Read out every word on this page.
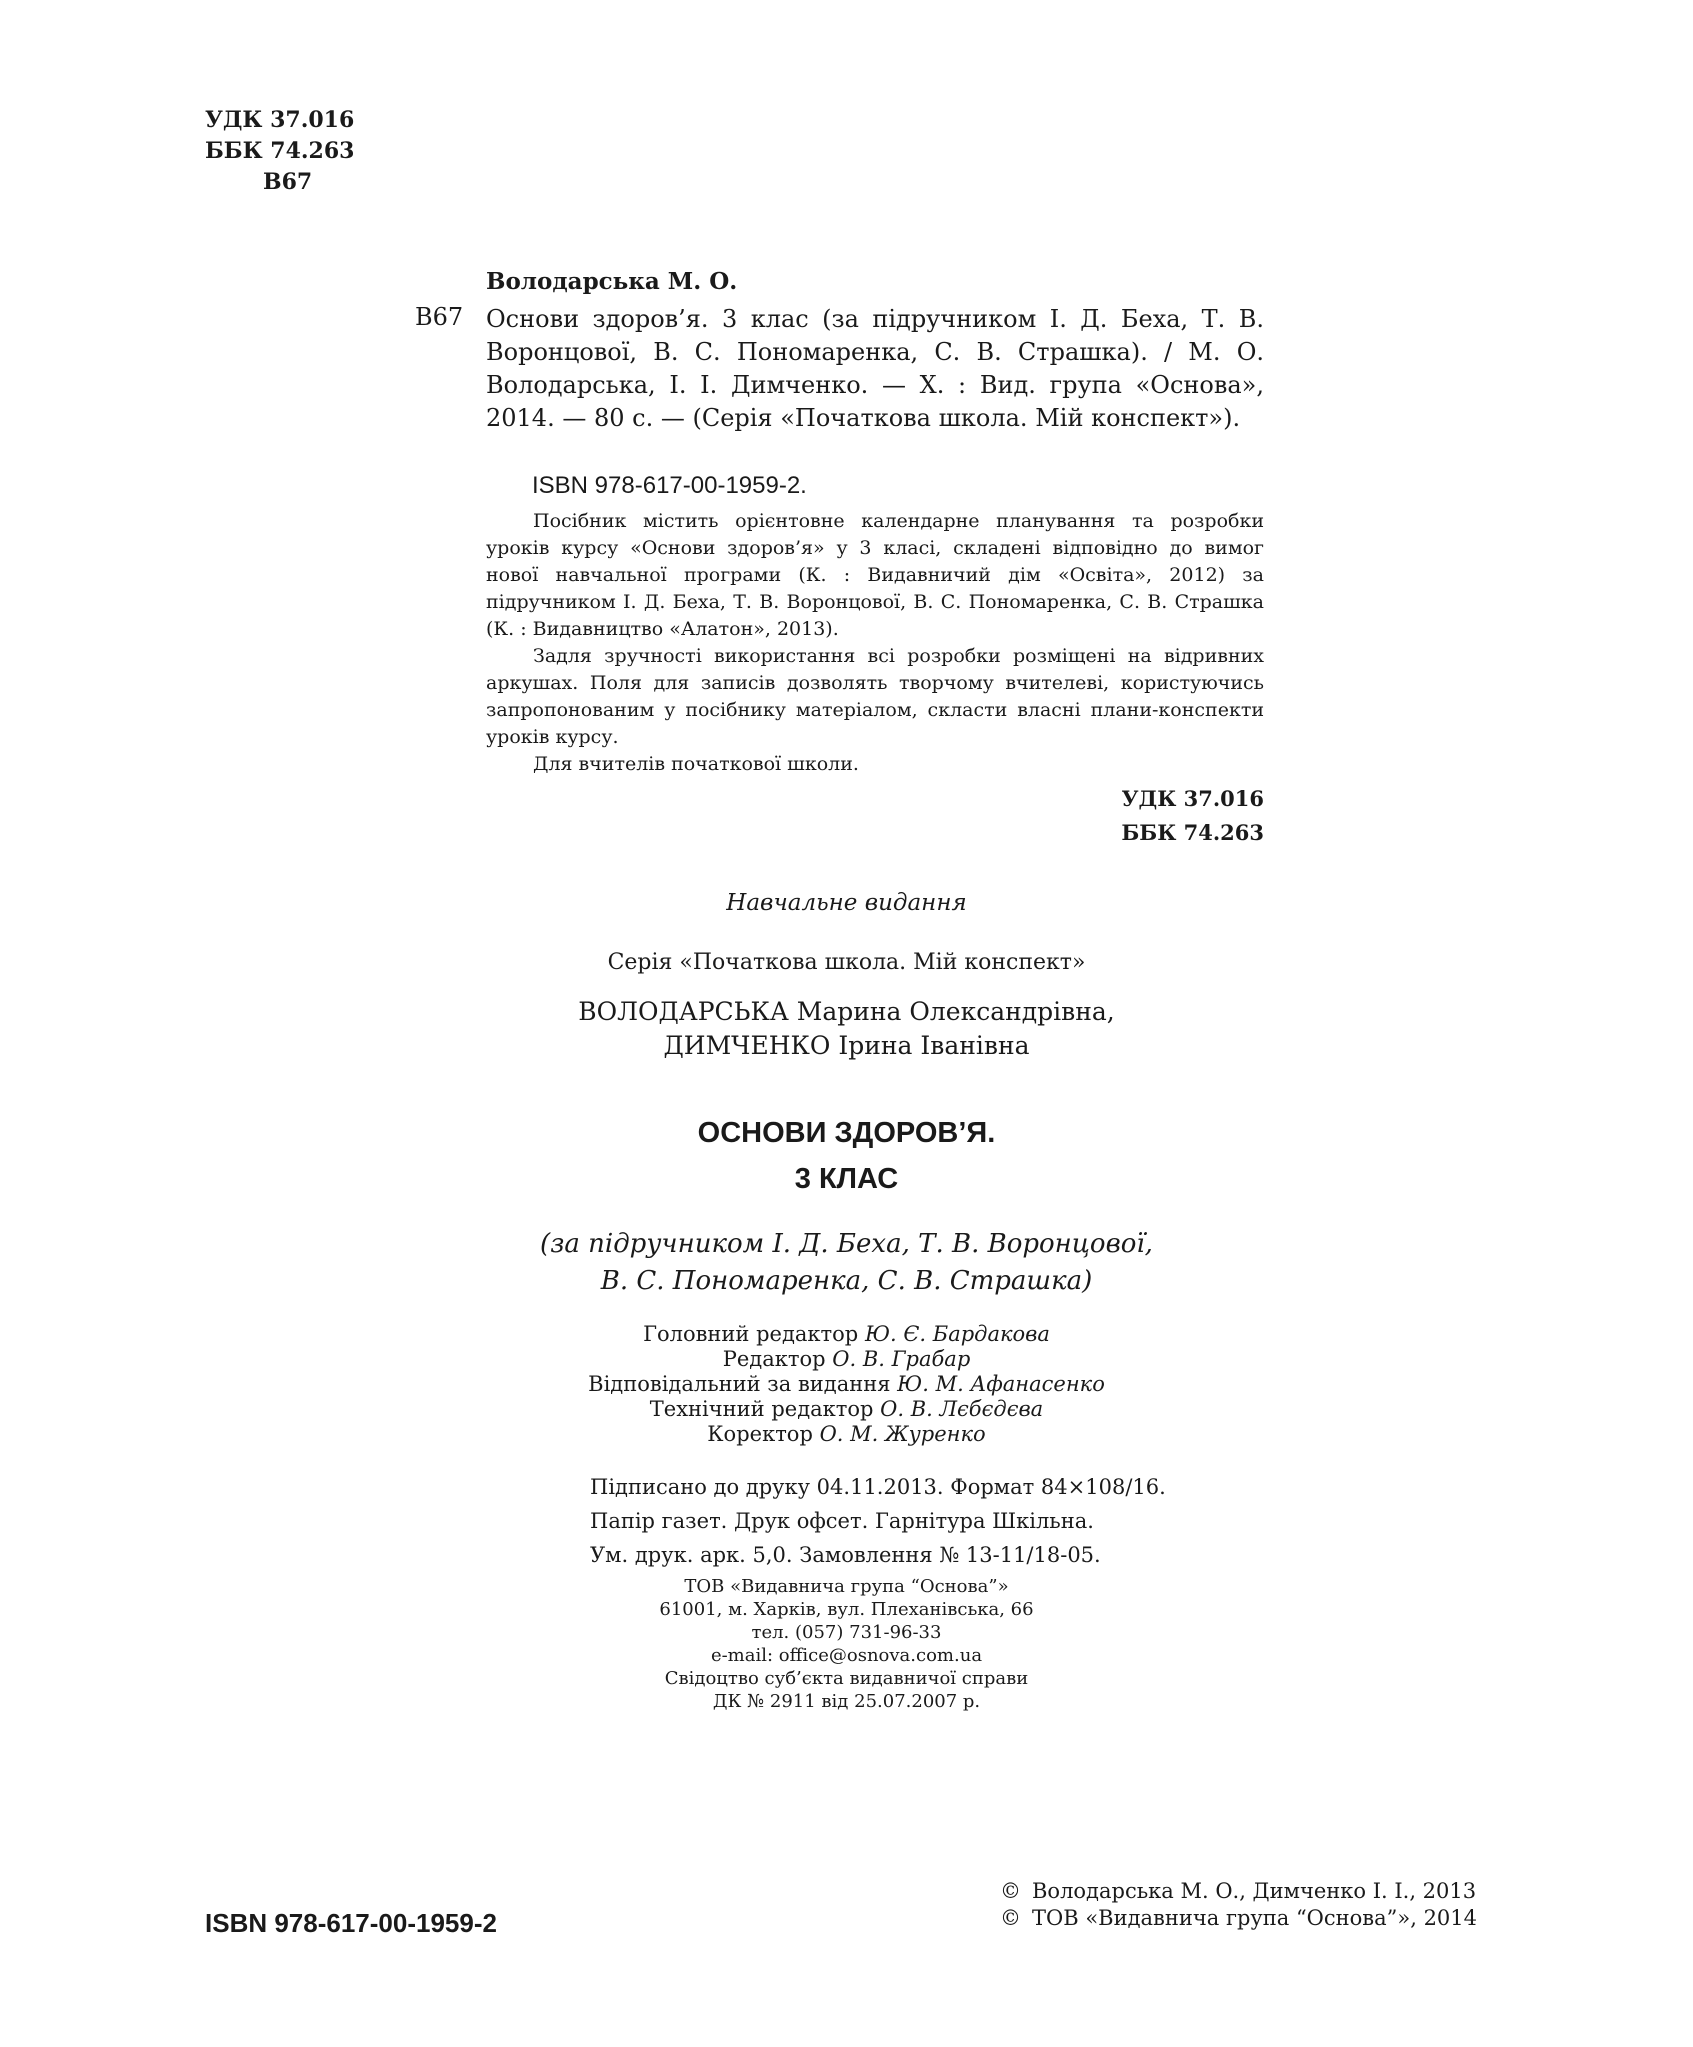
УДК 37.016
ББК 74.263
В67
Володарська М. О.
В67 Основи здоров’я. 3 клас (за підручником І. Д. Беха, Т. В. Воронцової, В. С. Пономаренка, С. В. Страшка). / М. О. Володарська, І. І. Димченко. — Х. : Вид. група «Основа», 2014. — 80 с. — (Серія «Початкова школа. Мій конспект»).
ISBN 978-617-00-1959-2.

Посібник містить орієнтовне календарне планування та розробки уроків курсу «Основи здоров’я» у 3 класі, складені відповідно до вимог нової навчальної програми (К. : Видавничий дім «Освіта», 2012) за підручником І. Д. Беха, Т. В. Воронцової, В. С. Пономаренка, С. В. Страшка (К. : Видавництво «Алатон», 2013).

Задля зручності використання всі розробки розміщені на відривних аркушах. Поля для записів дозволять творчому вчителеві, користуючись запропонованим у посібнику матеріалом, скласти власні плани-конспекти уроків курсу.

Для вчителів початкової школи.

УДК 37.016
ББК 74.263
Навчальне видання
Серія «Початкова школа. Мій конспект»
ВОЛОДАРСЬКА Марина Олександрівна,
ДИМЧЕНКО Ірина Іванівна
ОСНОВИ ЗДОРОВ’Я.
3 КЛАС
(за підручником І. Д. Беха, Т. В. Воронцової,
В. С. Пономаренка, С. В. Страшка)
Головний редактор Ю. Є. Бардакова
Редактор О. В. Грабар
Відповідальний за видання Ю. М. Афанасенко
Технічний редактор О. В. Лєбєдєва
Коректор О. М. Журенко
Підписано до друку 04.11.2013. Формат 84×108/16.
Папір газет. Друк офсет. Гарнітура Шкільна.
Ум. друк. арк. 5,0. Замовлення № 13-11/18-05.
ТОВ «Видавнича група “Основа”»
61001, м. Харків, вул. Плеханівська, 66
тел. (057) 731-96-33
e-mail: office@osnova.com.ua
Свідоцтво суб’єкта видавничої справи
ДК № 2911 від 25.07.2007 р.
ISBN 978-617-00-1959-2
© Володарська М. О., Димченко І. І., 2013
© ТОВ «Видавнича група “Основа”», 2014
